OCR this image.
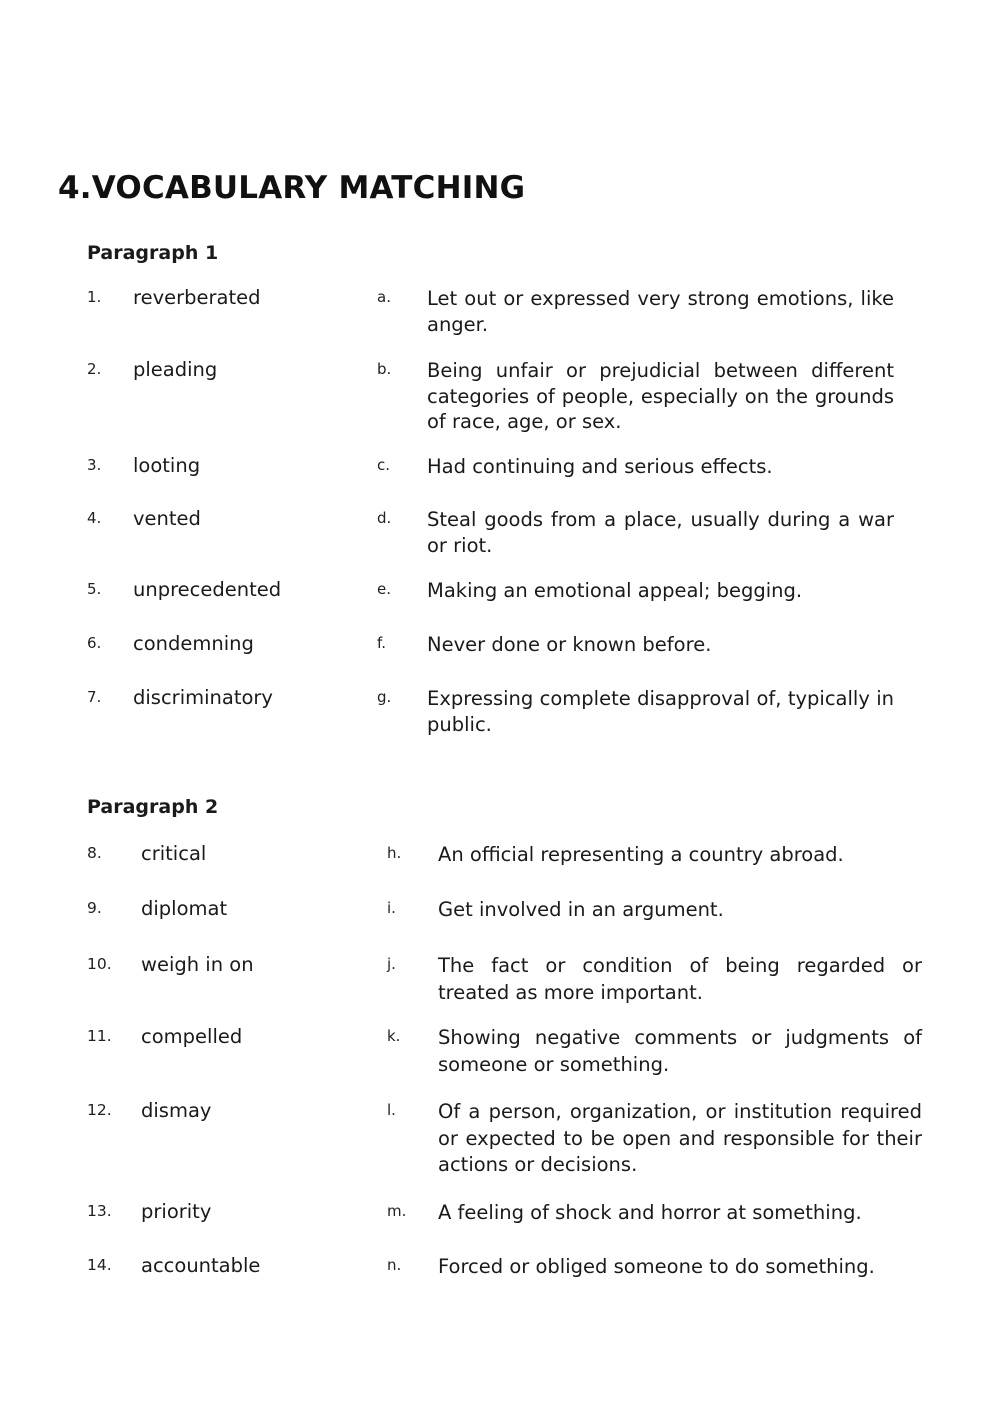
4.VOCABULARY MATCHING
Paragraph 1
1. reverberated	a. Let out or expressed very strong emotions, like anger.
2. pleading	b. Being unfair or prejudicial between different categories of people, especially on the grounds of race, age, or sex.
3. looting	c. Had continuing and serious effects.
4. vented	d. Steal goods from a place, usually during a war or riot.
5. unprecedented	e. Making an emotional appeal; begging.
6. condemning	f. Never done or known before.
7. discriminatory	g. Expressing complete disapproval of, typically in public.
Paragraph 2
8. critical	h. An official representing a country abroad.
9. diplomat	i. Get involved in an argument.
10. weigh in on	j. The fact or condition of being regarded or treated as more important.
11. compelled	k. Showing negative comments or judgments of someone or something.
12. dismay	l. Of a person, organization, or institution required or expected to be open and responsible for their actions or decisions.
13. priority	m. A feeling of shock and horror at something.
14. accountable	n. Forced or obliged someone to do something.
